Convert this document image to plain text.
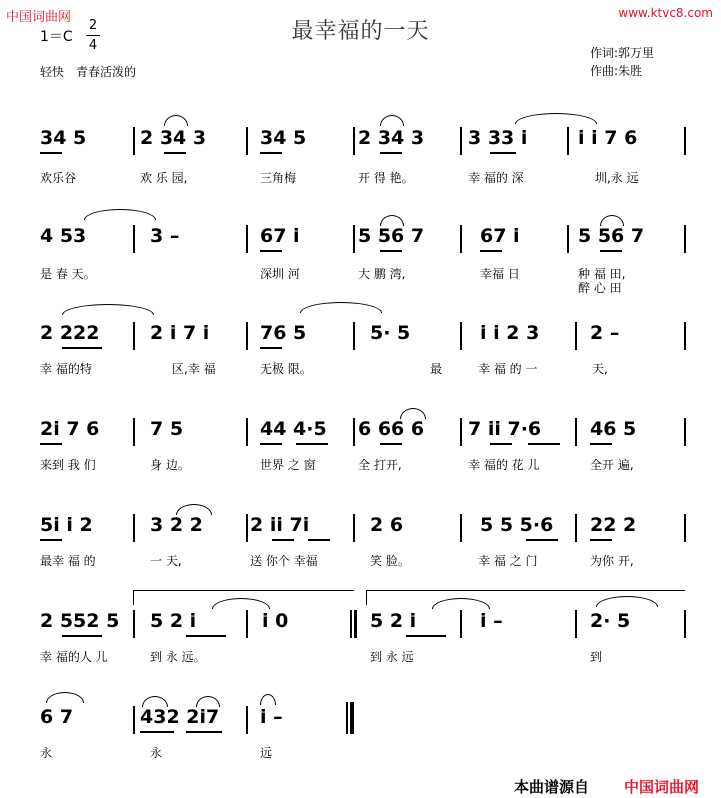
中国词曲网	www.ktvc8.com
最幸福的一天
1＝C
2
4
轻快　青春活泼的
作词:郭万里
作曲:朱胜
34 5	2 34 3	34 5	2 34 3 3 33 i	i i 7 6
欢乐谷	欢 乐 园,	三角梅	开 得 艳。	幸 福的 深	圳,永 远
4 53	3 –	67 i	5 56 7	67 i	5 56 7
是 春 天。	深圳 河	大 鹏 湾,	幸福 日	种 福 田,
醉 心 田
2 222	2 i 7 i	76 5	5· 5	i i 2 3	2 –
幸 福的特	区,幸 福	无极 限。	最	幸 福 的 一	天,
2i 7 6	7 5	44 4·5 6 66 6 7 ii 7·6	46 5
来到 我 们	身 边。	世界 之 窗	全 打开,	幸 福的 花 儿	全开 遍,
5i i 2	3 2 2 2 ii 7i	2 6	5 5 5·6 22 2
最幸 福 的	一 天,	送 你个 幸福	笑 脸。	幸 福 之 门	为你 开,
2 552 5 5 2 i	i 0	5 2 i	i –	2· 5
幸 福的人 儿	到 永 远。	到 永 远	到
6 7	432 2i7 i –
永	永	远
本曲谱源自 中国词曲网
